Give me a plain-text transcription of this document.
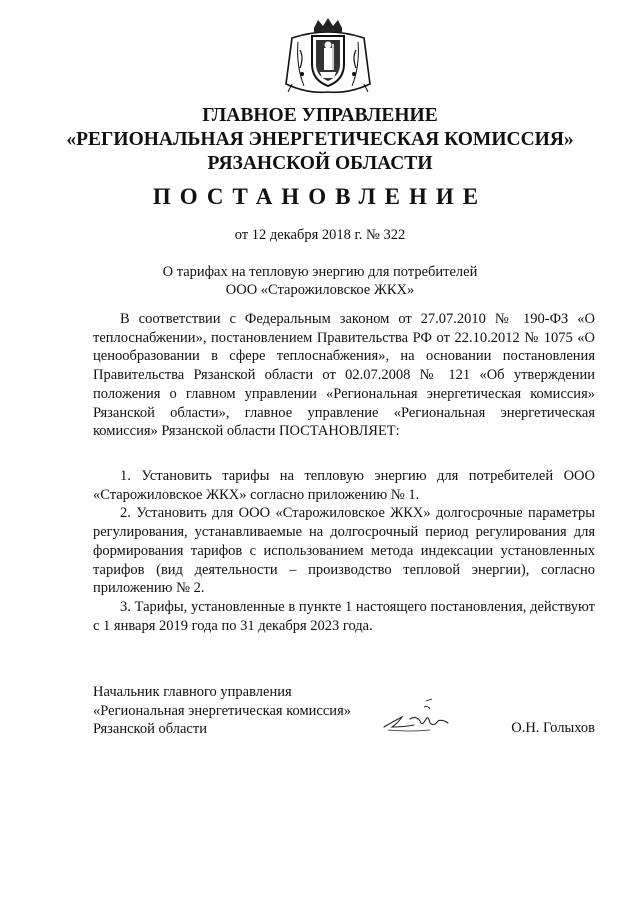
ГЛАВНОЕ УПРАВЛЕНИЕ
«РЕГИОНАЛЬНАЯ ЭНЕРГЕТИЧЕСКАЯ КОМИССИЯ»
РЯЗАНСКОЙ ОБЛАСТИ
ПОСТАНОВЛЕНИЕ
от 12 декабря 2018 г. № 322
О тарифах на тепловую энергию для потребителей
ООО «Старожиловское ЖКХ»
В соответствии с Федеральным законом от 27.07.2010 № 190-ФЗ «О теплоснабжении», постановлением Правительства РФ от 22.10.2012 № 1075 «О ценообразовании в сфере теплоснабжения», на основании постановления Правительства Рязанской области от 02.07.2008 № 121 «Об утверждении положения о главном управлении «Региональная энергетическая комиссия» Рязанской области», главное управление «Региональная энергетическая комиссия» Рязанской области ПОСТАНОВЛЯЕТ:

1. Установить тарифы на тепловую энергию для потребителей ООО «Старожиловское ЖКХ» согласно приложению № 1.

2. Установить для ООО «Старожиловское ЖКХ» долгосрочные параметры регулирования, устанавливаемые на долгосрочный период регулирования для формирования тарифов с использованием метода индексации установленных тарифов (вид деятельности – производство тепловой энергии), согласно приложению № 2.

3. Тарифы, установленные в пункте 1 настоящего постановления, действуют с 1 января 2019 года по 31 декабря 2023 года.

Начальник главного управления
«Региональная энергетическая комиссия»
Рязанской области	О.Н. Голыхов
